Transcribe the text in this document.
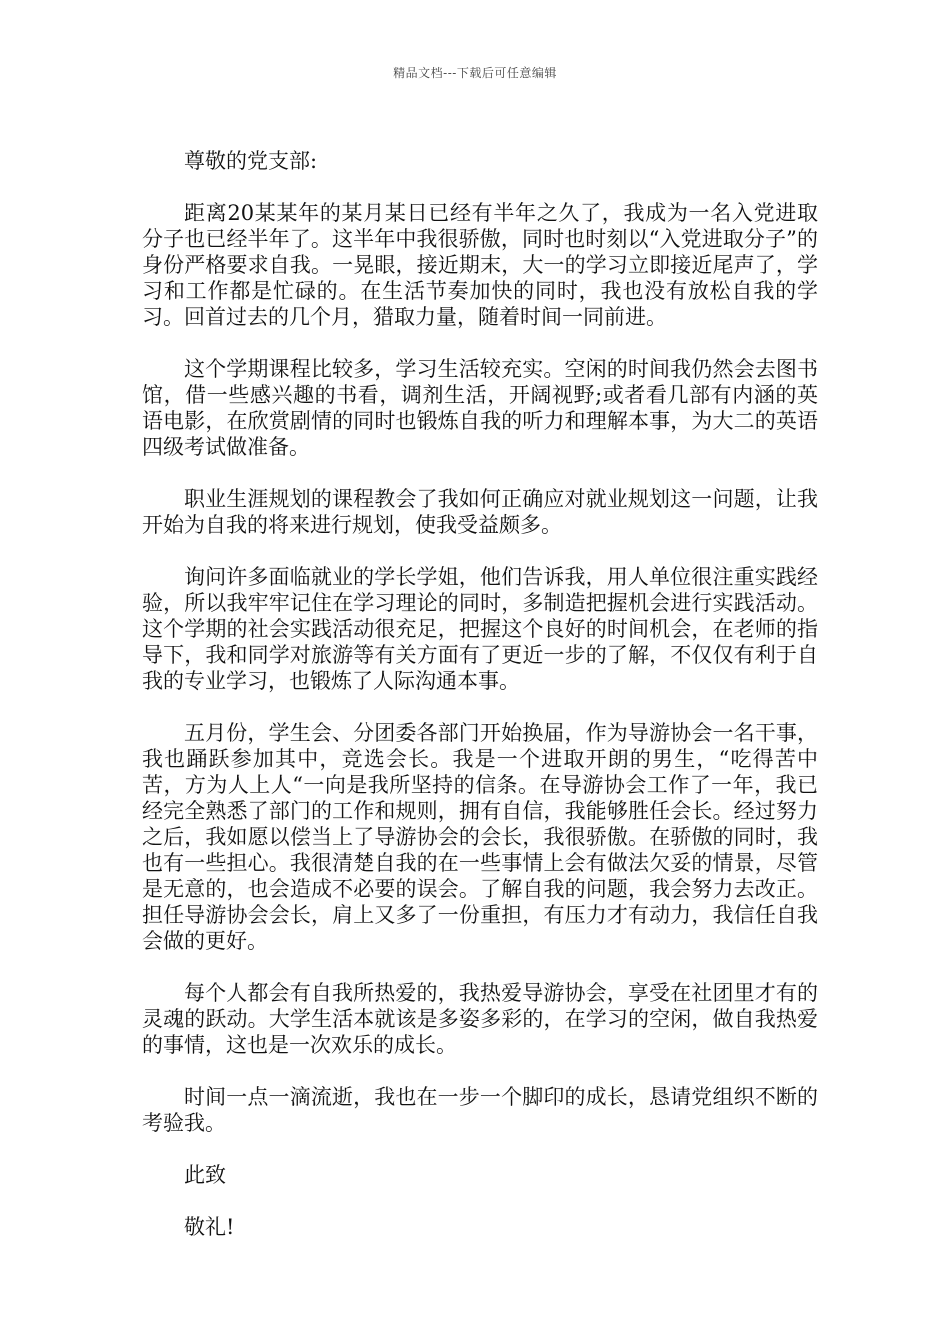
精品文档---下载后可任意编辑

尊敬的党支部:

距离20某某年的某月某日已经有半年之久了，我成为一名入党进取分子也已经半年了。这半年中我很骄傲，同时也时刻以“入党进取分子”的身份严格要求自我。一晃眼，接近期末，大一的学习立即接近尾声了，学习和工作都是忙碌的。在生活节奏加快的同时，我也没有放松自我的学习。回首过去的几个月，猎取力量，随着时间一同前进。

这个学期课程比较多，学习生活较充实。空闲的时间我仍然会去图书馆，借一些感兴趣的书看，调剂生活，开阔视野;或者看几部有内涵的英语电影，在欣赏剧情的同时也锻炼自我的听力和理解本事，为大二的英语四级考试做准备。

职业生涯规划的课程教会了我如何正确应对就业规划这一问题，让我开始为自我的将来进行规划，使我受益颇多。

询问许多面临就业的学长学姐，他们告诉我，用人单位很注重实践经验，所以我牢牢记住在学习理论的同时，多制造把握机会进行实践活动。这个学期的社会实践活动很充足，把握这个良好的时间机会，在老师的指导下，我和同学对旅游等有关方面有了更近一步的了解，不仅仅有利于自我的专业学习，也锻炼了人际沟通本事。

五月份，学生会、分团委各部门开始换届，作为导游协会一名干事，我也踊跃参加其中，竞选会长。我是一个进取开朗的男生，“吃得苦中苦，方为人上人“一向是我所坚持的信条。在导游协会工作了一年，我已经完全熟悉了部门的工作和规则，拥有自信，我能够胜任会长。经过努力之后，我如愿以偿当上了导游协会的会长，我很骄傲。在骄傲的同时，我也有一些担心。我很清楚自我的在一些事情上会有做法欠妥的情景，尽管是无意的，也会造成不必要的误会。了解自我的问题，我会努力去改正。担任导游协会会长，肩上又多了一份重担，有压力才有动力，我信任自我会做的更好。

每个人都会有自我所热爱的，我热爱导游协会，享受在社团里才有的灵魂的跃动。大学生活本就该是多姿多彩的，在学习的空闲，做自我热爱的事情，这也是一次欢乐的成长。

时间一点一滴流逝，我也在一步一个脚印的成长，恳请党组织不断的考验我。

此致

敬礼!
